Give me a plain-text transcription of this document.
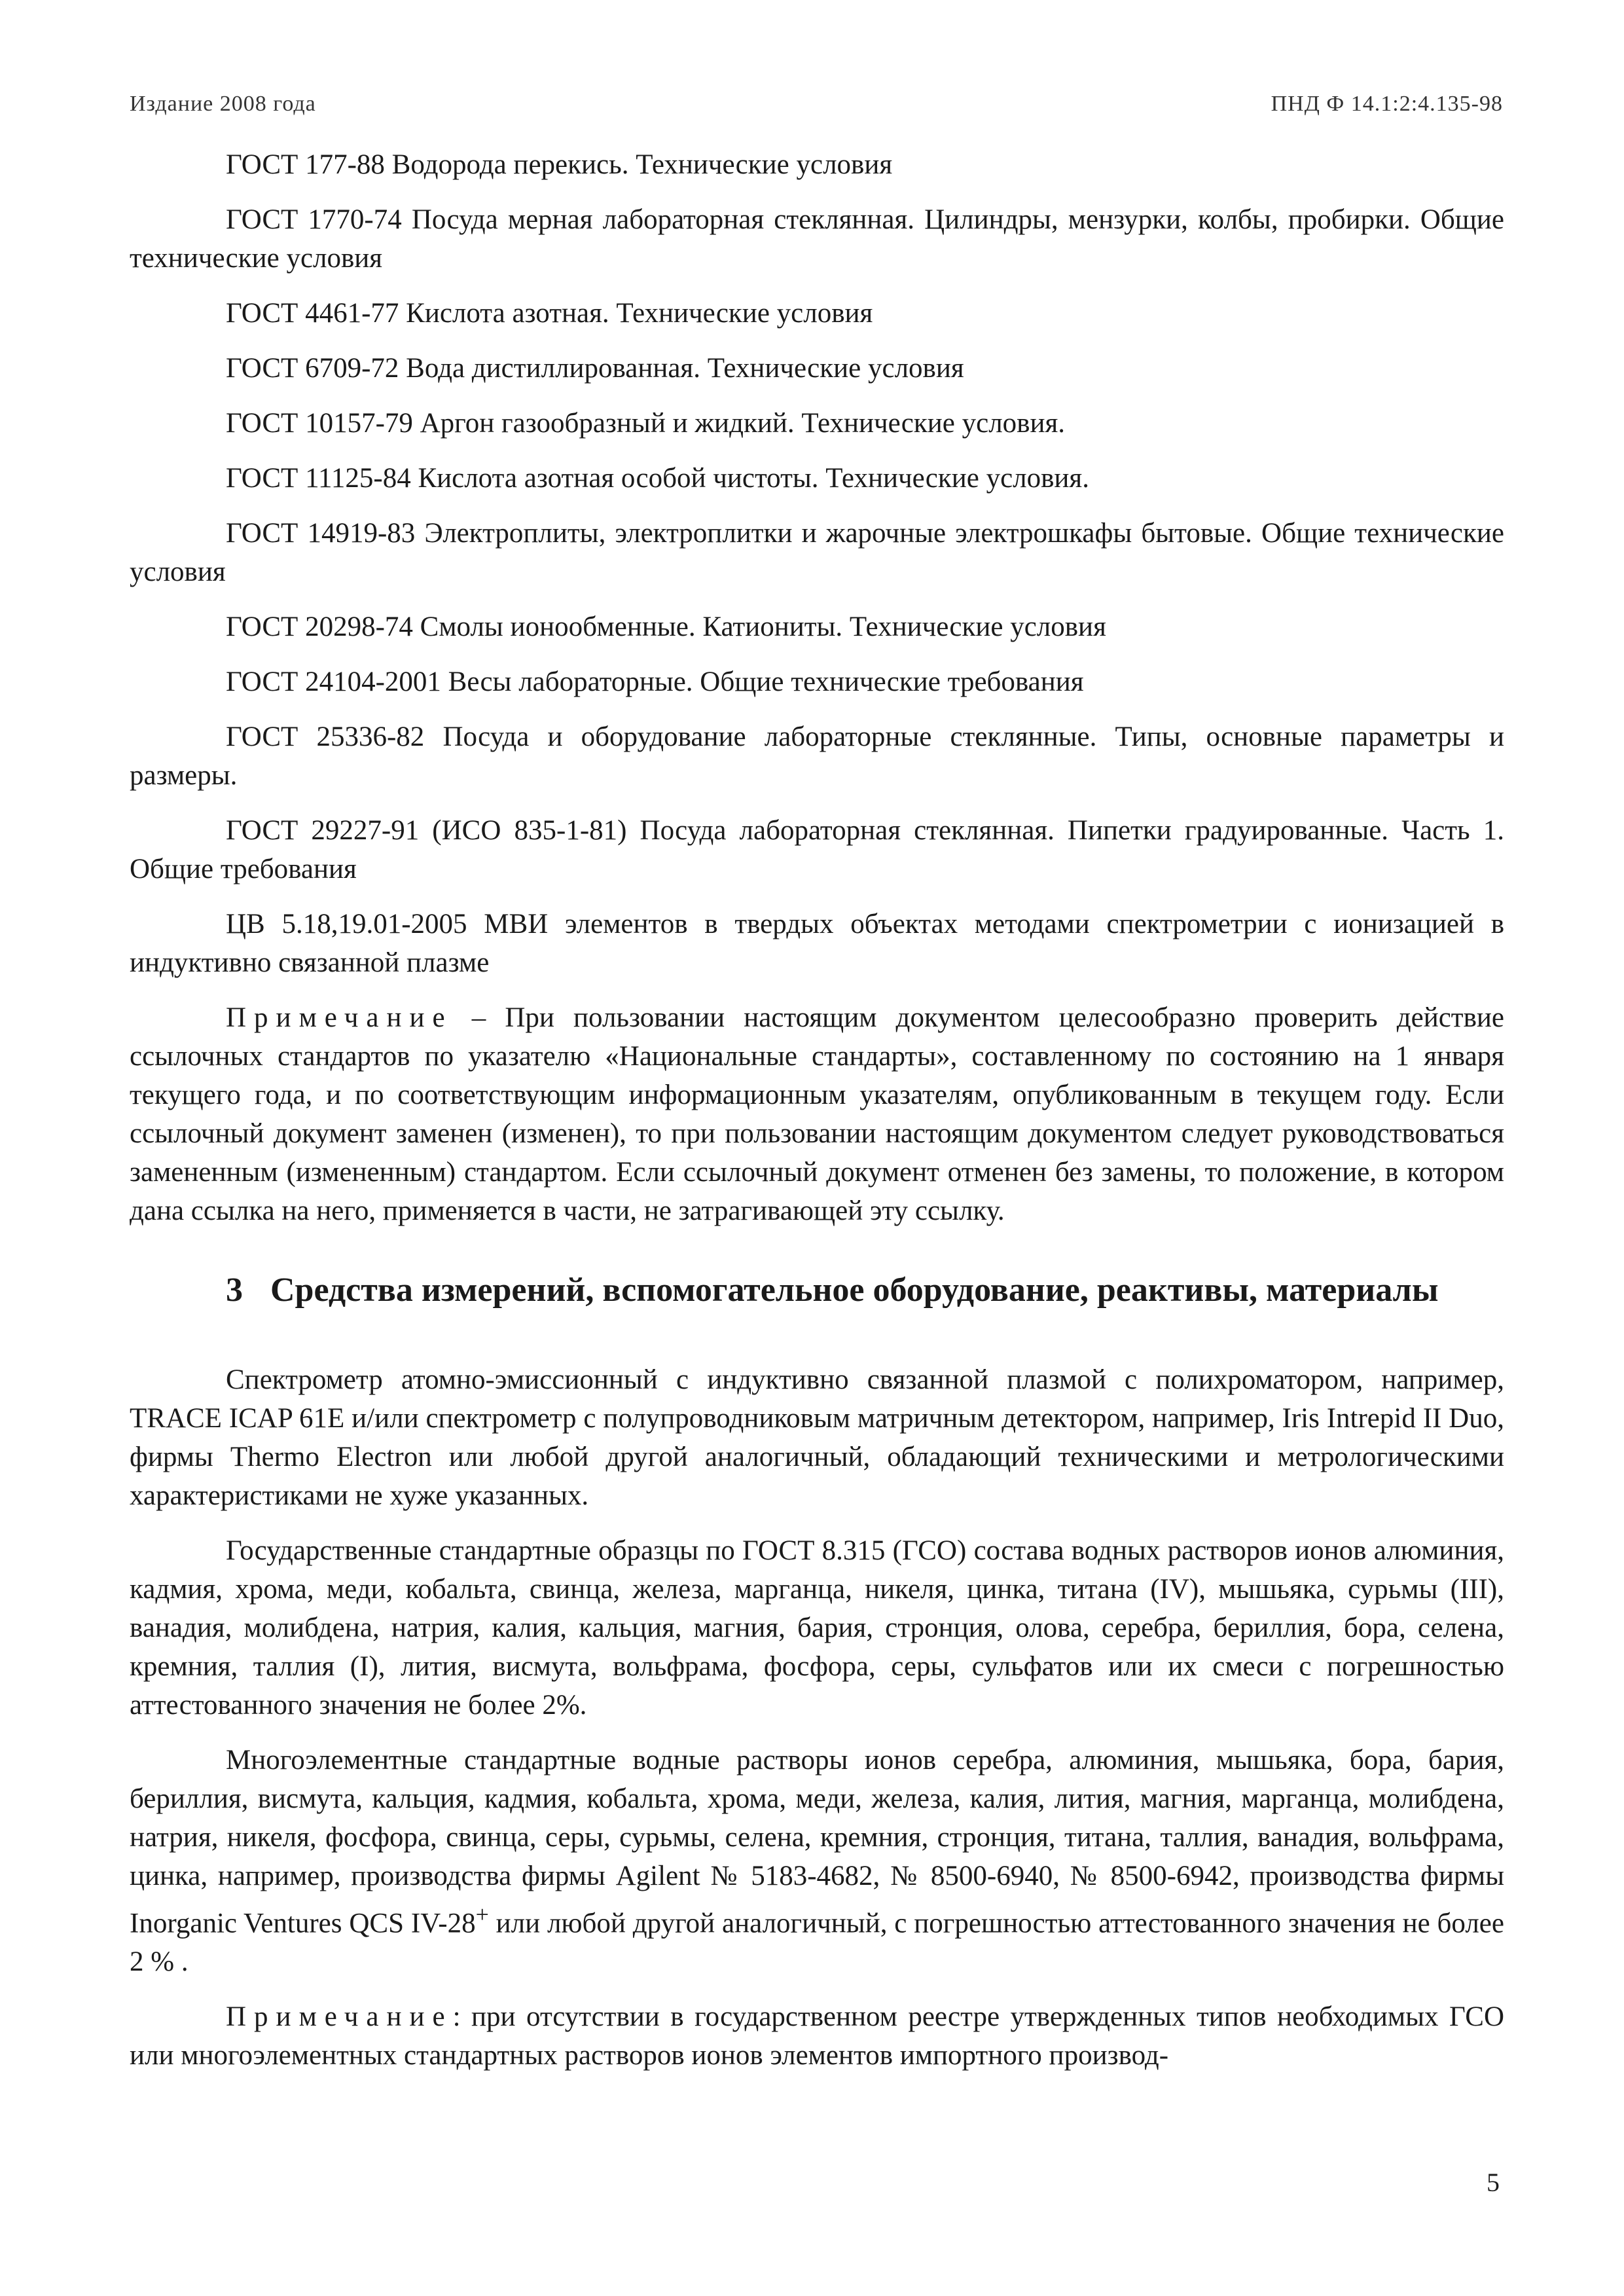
Издание 2008 года	ПНД Ф 14.1:2:4.135-98

ГОСТ 177-88 Водорода перекись. Технические условия

ГОСТ 1770-74 Посуда мерная лабораторная стеклянная. Цилиндры, мензурки, колбы, пробирки. Общие технические условия

ГОСТ 4461-77 Кислота азотная. Технические условия

ГОСТ 6709-72 Вода дистиллированная. Технические условия

ГОСТ 10157-79 Аргон газообразный и жидкий. Технические условия.

ГОСТ 11125-84 Кислота азотная особой чистоты. Технические условия.

ГОСТ 14919-83 Электроплиты, электроплитки и жарочные электрошкафы бытовые. Общие технические условия

ГОСТ 20298-74 Смолы ионообменные. Катиониты. Технические условия

ГОСТ 24104-2001 Весы лабораторные. Общие технические требования

ГОСТ 25336-82 Посуда и оборудование лабораторные стеклянные. Типы, основные параметры и размеры.

ГОСТ 29227-91 (ИСО 835-1-81) Посуда лабораторная стеклянная. Пипетки градуированные. Часть 1. Общие требования

ЦВ 5.18,19.01-2005 МВИ элементов в твердых объектах методами спектрометрии с ионизацией в индуктивно связанной плазме

Примечание – При пользовании настоящим документом целесообразно проверить действие ссылочных стандартов по указателю «Национальные стандарты», составленному по состоянию на 1 января текущего года, и по соответствующим информационным указателям, опубликованным в текущем году. Если ссылочный документ заменен (изменен), то при пользовании настоящим документом следует руководствоваться замененным (измененным) стандартом. Если ссылочный документ отменен без замены, то положение, в котором дана ссылка на него, применяется в части, не затрагивающей эту ссылку.

3 Средства измерений, вспомогательное оборудование, реактивы, материалы

Спектрометр атомно-эмиссионный с индуктивно связанной плазмой с полихроматором, например, TRACE ICAP 61E и/или спектрометр с полупроводниковым матричным детектором, например, Iris Intrepid II Duo, фирмы Thermo Electron или любой другой аналогичный, обладающий техническими и метрологическими характеристиками не хуже указанных.

Государственные стандартные образцы по ГОСТ 8.315 (ГСО) состава водных растворов ионов алюминия, кадмия, хрома, меди, кобальта, свинца, железа, марганца, никеля, цинка, титана (IV), мышьяка, сурьмы (III), ванадия, молибдена, натрия, калия, кальция, магния, бария, стронция, олова, серебра, бериллия, бора, селена, кремния, таллия (I), лития, висмута, вольфрама, фосфора, серы, сульфатов или их смеси с погрешностью аттестованного значения не более 2%.

Многоэлементные стандартные водные растворы ионов серебра, алюминия, мышьяка, бора, бария, бериллия, висмута, кальция, кадмия, кобальта, хрома, меди, железа, калия, лития, магния, марганца, молибдена, натрия, никеля, фосфора, свинца, серы, сурьмы, селена, кремния, стронция, титана, таллия, ванадия, вольфрама, цинка, например, производства фирмы Agilent № 5183-4682, № 8500-6940, № 8500-6942, производства фирмы Inorganic Ventures QCS IV-28+ или любой другой аналогичный, с погрешностью аттестованного значения не более 2 % .

Примечание: при отсутствии в государственном реестре утвержденных типов необходимых ГСО или многоэлементных стандартных растворов ионов элементов импортного производ-

5
